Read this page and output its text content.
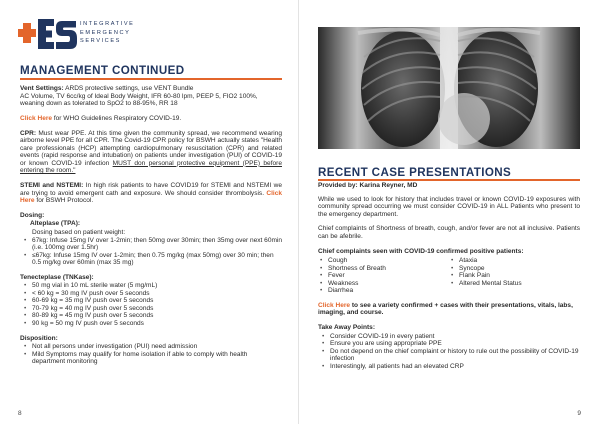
INTEGRATIVE
EMERGENCY
SERVICES
MANAGEMENT CONTINUED

Vent Settings: ARDS protective settings, use VENT Bundle
AC Volume, TV 6cc/kg of Ideal Body Weight, IFR 60-80 lpm, PEEP 5, FIO2 100%, weaning down as tolerated to SpO2 to 88-95%, RR 18

Click Here for WHO Guidelines Respiratory COVID-19.

CPR: Must wear PPE. At this time given the community spread, we recommend wearing airborne level PPE for all CPR. The Covid-19 CPR policy for BSWH actually states "Health care professionals (HCP) attempting cardiopulmonary resuscitation (CPR) and related events (rapid response and intubation) on patients under investigation (PUI) of COVID-19 or known COVID-19 infection MUST don personal protective equipment (PPE) before entering the room."

STEMI and NSTEMI: In high risk patients to have COVID19 for STEMI and NSTEMI we are trying to avoid emergent cath and exposure. We should consider thrombolysis. Click Here for BSWH Protocol.

Dosing:
Alteplase (TPA):
Dosing based on patient weight:
• 67kg: Infuse 15mg IV over 1-2min; then 50mg over 30min; then 35mg over next 60min (i.e. 100mg over 1.5hr)
• ≤67kg: Infuse 15mg IV over 1-2min; then 0.75 mg/kg (max 50mg) over 30 min; then 0.5 mg/kg over 60min (max 35 mg)
Tenecteplase (TNKase):
• 50 mg vial in 10 mL sterile water (5 mg/mL)
• < 60 kg = 30 mg IV push over 5 seconds
• 60-69 kg = 35 mg IV push over 5 seconds
• 70-79 kg = 40 mg IV push over 5 seconds
• 80-89 kg = 45 mg IV push over 5 seconds
• 90 kg = 50 mg IV push over 5 seconds
Disposition:
• Not all persons under investigation (PUI) need admission
• Mild Symptoms may qualify for home isolation if able to comply with health department monitoring
8
RECENT CASE PRESENTATIONS

Provided by: Karina Reyner, MD

While we used to look for history that includes travel or known COVID-19 exposures with community spread occurring we must consider COVID-19 in ALL Patients who present to the emergency department.

Chief complaints of Shortness of breath, cough, and/or fever are not all inclusive. Patients can be afebrile.

Chief complaints seen with COVID-19 confirmed positive patients:
• Cough
• Shortness of Breath
• Fever
• Weakness
• Diarrhea
• Ataxia
• Syncope
• Flank Pain
• Altered Mental Status

Click Here to see a variety confirmed + cases with their presentations, vitals, labs, imaging, and course.

Take Away Points:
• Consider COVID-19 in every patient
• Ensure you are using appropriate PPE
• Do not depend on the chief complaint or history to rule out the possibility of COVID-19 infection
• Interestingly, all patients had an elevated CRP
9
